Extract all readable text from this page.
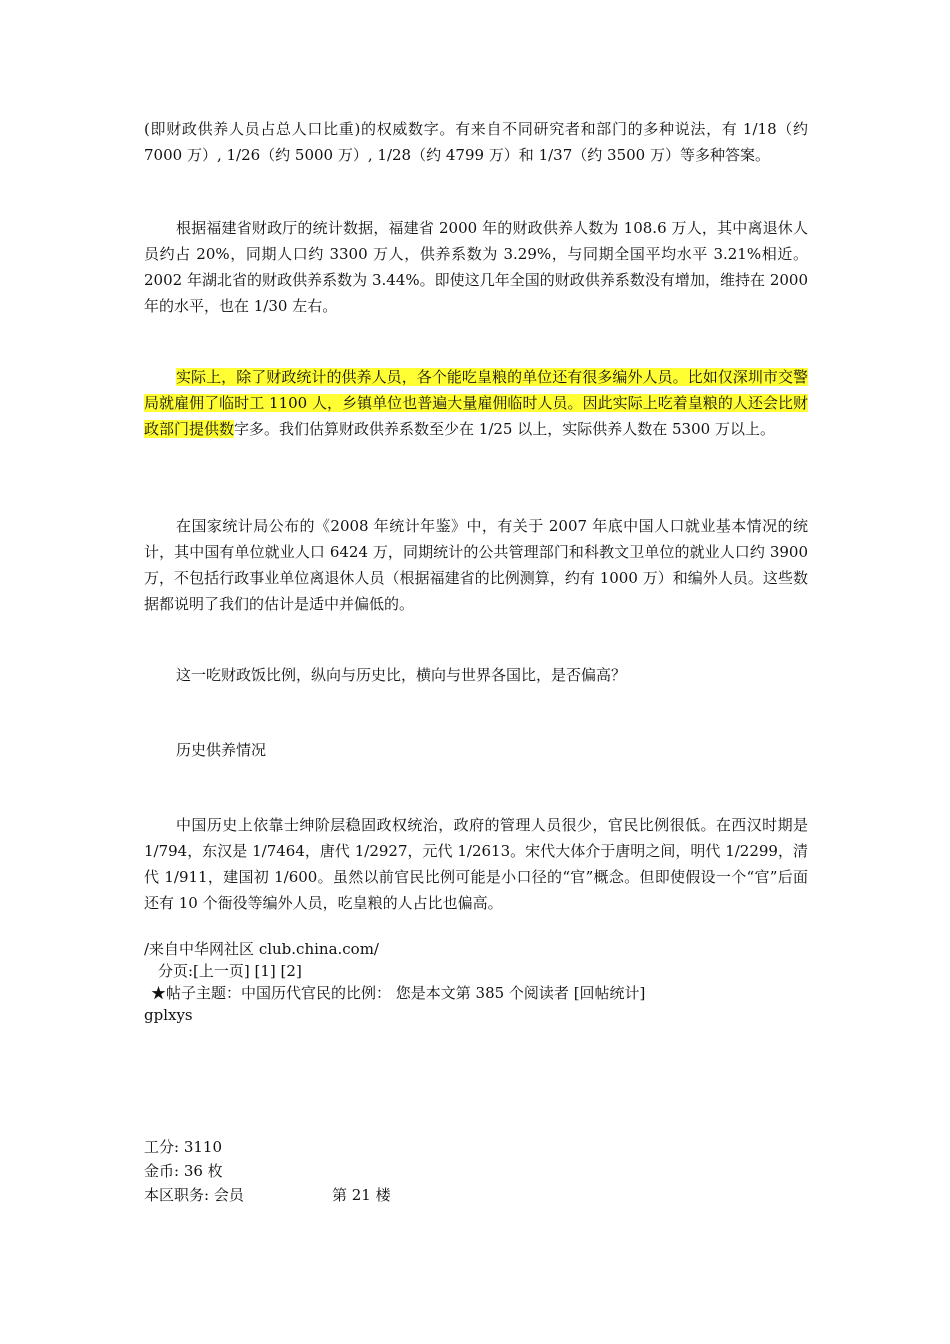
(即财政供养人员占总人口比重)的权威数字。有来自不同研究者和部门的多种说法，有 1/18（约 7000 万）, 1/26（约 5000 万）, 1/28（约 4799 万）和 1/37（约 3500 万）等多种答案。

根据福建省财政厅的统计数据，福建省 2000 年的财政供养人数为 108.6 万人，其中离退休人员约占 20%，同期人口约 3300 万人，供养系数为 3.29%，与同期全国平均水平 3.21%相近。2002 年湖北省的财政供养系数为 3.44%。即使这几年全国的财政供养系数没有增加，维持在 2000 年的水平，也在 1/30 左右。

实际上，除了财政统计的供养人员，各个能吃皇粮的单位还有很多编外人员。比如仅深圳市交警局就雇佣了临时工 1100 人，乡镇单位也普遍大量雇佣临时人员。因此实际上吃着皇粮的人还会比财政部门提供数字多。我们估算财政供养系数至少在 1/25 以上，实际供养人数在 5300 万以上。

在国家统计局公布的《2008 年统计年鉴》中，有关于 2007 年底中国人口就业基本情况的统计，其中国有单位就业人口 6424 万，同期统计的公共管理部门和科教文卫单位的就业人口约 3900 万，不包括行政事业单位离退休人员（根据福建省的比例测算，约有 1000 万）和编外人员。这些数据都说明了我们的估计是适中并偏低的。

这一吃财政饭比例，纵向与历史比，横向与世界各国比，是否偏高？

历史供养情况

中国历史上依靠士绅阶层稳固政权统治，政府的管理人员很少，官民比例很低。在西汉时期是 1/794，东汉是 1/7464，唐代 1/2927，元代 1/2613。宋代大体介于唐明之间，明代 1/2299，清代 1/911，建国初 1/600。虽然以前官民比例可能是小口径的“官”概念。但即使假设一个“官”后面还有 10 个衙役等编外人员，吃皇粮的人占比也偏高。

/来自中华网社区 club.china.com/
分页:[上一页] [1] [2]
★帖子主题：中国历代官民的比例： 您是本文第 385 个阅读者 [回帖统计]
gplxys
工分: 3110
金币: 36 枚
本区职务: 会员	第 21 楼
